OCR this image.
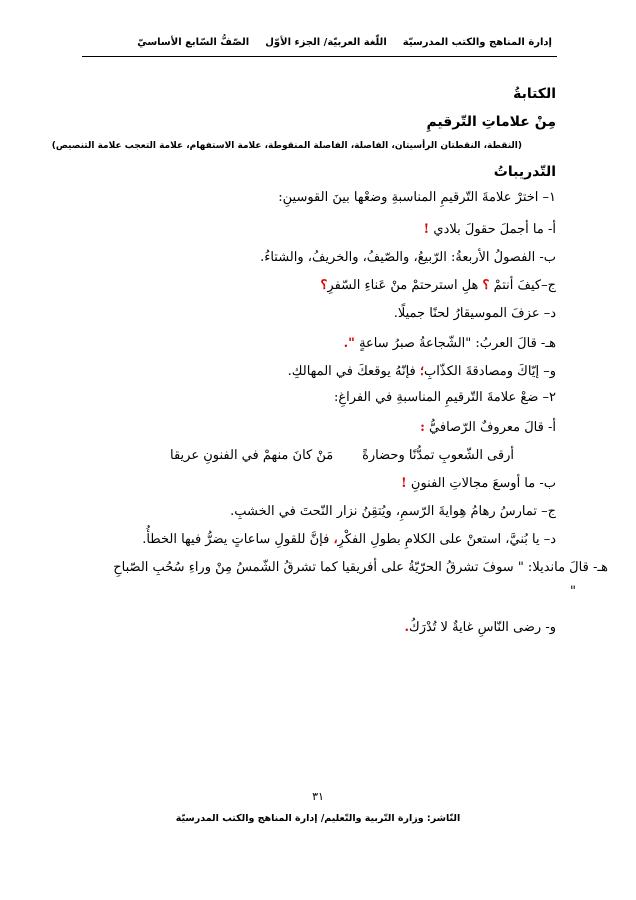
إدارة المناهج والكتب المدرسيّة
اللّغة العربيّة/ الجزء الأوّل
الصّفُّ السّابع الأساسيّ
الكتابةُ
مِنْ علاماتِ التّرقيمِ
(النقطة، النقطتان الرأسيتان، الفاصلة، الفاصلة المنقوطة، علامة الاستفهام، علامة التعجب علامة التنصيص)
التّدريباتُ
١– اخترْ علامةَ التّرقيمِ المناسبةِ وضعْها بينَ القوسينِ:
أ- ما أجملَ حقولَ بلادي !
ب- الفصولُ الأربعةُ: الرّبيعُ، والصّيفُ، والخريفُ، والشتاءُ.
ج–كيفَ أنتمْ ؟ هلِ استرحتمْ منْ عَناءِ السّفرِ؟
د– عزفَ الموسيقارُ لحنًا جميلًا.
هـ- قالَ العربُ: "الشّجاعةُ صبرُ ساعةٍ ".
و– إيّاكَ ومصادقةَ الكذّابِ؛ فإنّهُ يوقعكَ في المهالكِ.
٢– ضعْ علامةَ التّرقيمِ المناسبةِ في الفراغِ:
أ- قالَ معروفٌ الرّصافيُّ :
أرقى الشّعوبِ تمدُّنًا وحضارةً
مَنْ كانَ منهمْ في الفنونِ عريقا
ب- ما أوسعَ مجالاتِ الفنونِ !
ج– تمارسُ رهامُ هِوايةَ الرّسمِ، ويُتقِنُ نزار النّحتَ في الخشبِ.
د– يا بُنيَّ، استعنْ على الكلامِ بطولِ الفكْرِ، فإنَّ للقولِ ساعاتٍ يضرُّ فيها الخطأُ.
هـ- قالَ مانديلا: " سوفَ تشرقُ الحرّيّةُ على أفريقيا كما تشرقُ الشّمسُ مِنْ وراءِ سُحُبِ الصّباحِ
"
و- رضى النّاسِ غايةٌ لا تُدْرَكُ.
٣١
النّاشر: وزارة التّربية والتّعليم/ إدارة المناهج والكتب المدرسيّة
